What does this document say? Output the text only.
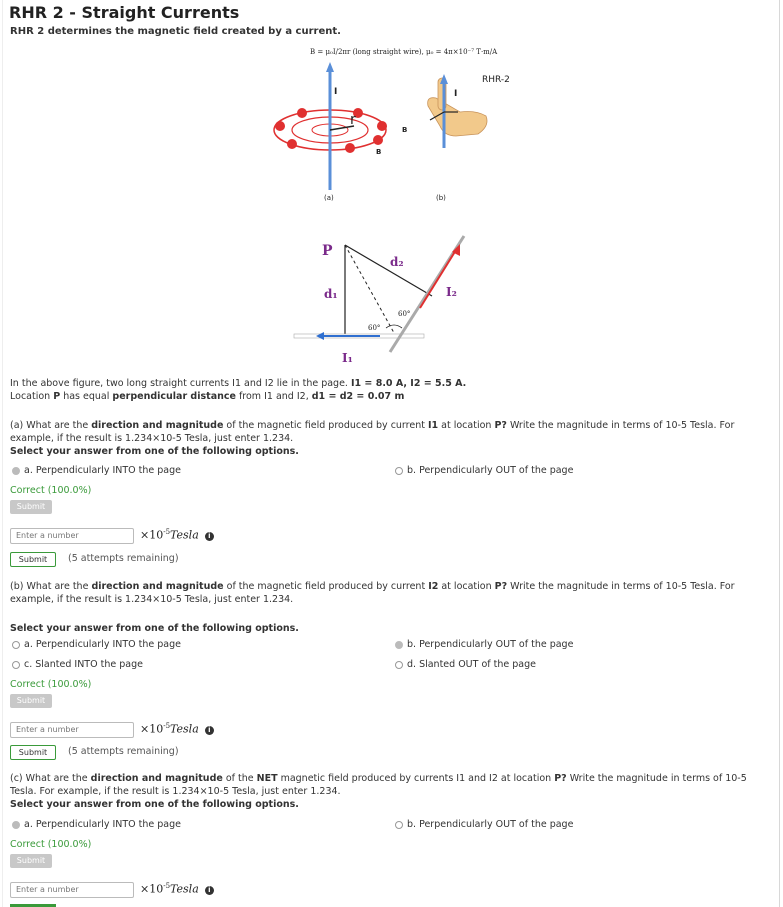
RHR 2 - Straight Currents
RHR 2 determines the magnetic field created by a current.
B = μ₀I/2πr (long straight wire), μ₀ = 4π×10⁻⁷ T·m/A
RHR-2
I
r
B
(a)
I
B
(b)
P
d₁
d₂
I₂
I₁
60°
60°
In the above figure, two long straight currents I1 and I2 lie in the page. I1 = 8.0 A, I2 = 5.5 A.
Location P has equal perpendicular distance from I1 and I2, d1 = d2 = 0.07 m
(a) What are the direction and magnitude of the magnetic field produced by current I1 at location P? Write the magnitude in terms of 10-5 Tesla. For
example, if the result is 1.234×10-5 Tesla, just enter 1.234.
Select your answer from one of the following options.
a. Perpendicularly INTO the page	b. Perpendicularly OUT of the page
Correct (100.0%)
Submit
Enter a number	$\times 10^{-5}Tesla$ i
Submit	(5 attempts remaining)
(b) What are the direction and magnitude of the magnetic field produced by current I2 at location P? Write the magnitude in terms of 10-5 Tesla. For
example, if the result is 1.234×10-5 Tesla, just enter 1.234.
Select your answer from one of the following options.
a. Perpendicularly INTO the page	b. Perpendicularly OUT of the page
c. Slanted INTO the page	d. Slanted OUT of the page
Correct (100.0%)
Submit
Enter a number	$\times 10^{-5}Tesla$ i
Submit	(5 attempts remaining)
(c) What are the direction and magnitude of the NET magnetic field produced by currents I1 and I2 at location P? Write the magnitude in terms of 10-5
Tesla. For example, if the result is 1.234×10-5 Tesla, just enter 1.234.
Select your answer from one of the following options.
a. Perpendicularly INTO the page	b. Perpendicularly OUT of the page
Correct (100.0%)
Submit
Enter a number	$\times 10^{-5}Tesla$ i
